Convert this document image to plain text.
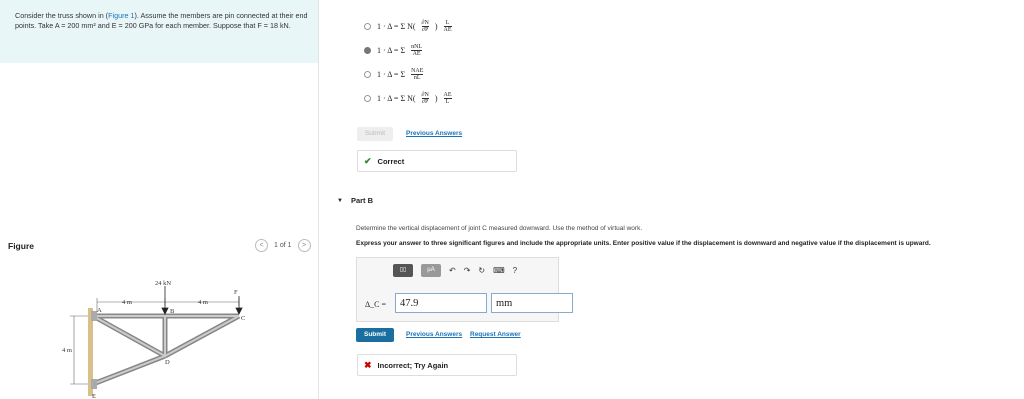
Consider the truss shown in (Figure 1). Assume the members are pin connected at their end points. Take A = 200 mm² and E = 200 GPa for each member. Suppose that F = 18 kN.

Figure	<	1 of 1	>
24 kN
4 m	4 m
4 m
F
A	B
C
D
E
1 · Δ = Σ $N( \frac{\partial N}{\partial P}$ ) $\frac{L}{AE}$
1 · Δ = Σ nNL
AE
1 · Δ = Σ NAE
nL
1 · Δ = Σ $N( \frac{\partial N}{\partial P}$ ) $\frac{AE}{L}$
Submit	Previous Answers
✔ Correct
▼ Part B
Determine the vertical displacement of joint C measured downward. Use the method of virtual work.
Express your answer to three significant figures and include the appropriate units. Enter positive value if the displacement is downward and negative value if the displacement is upward.
▯▯	μA	↶ ↷ ↻ ⌨ ?
Δ_C =	47.9	mm
Submit	Previous Answers Request Answer
✖ Incorrect; Try Again
